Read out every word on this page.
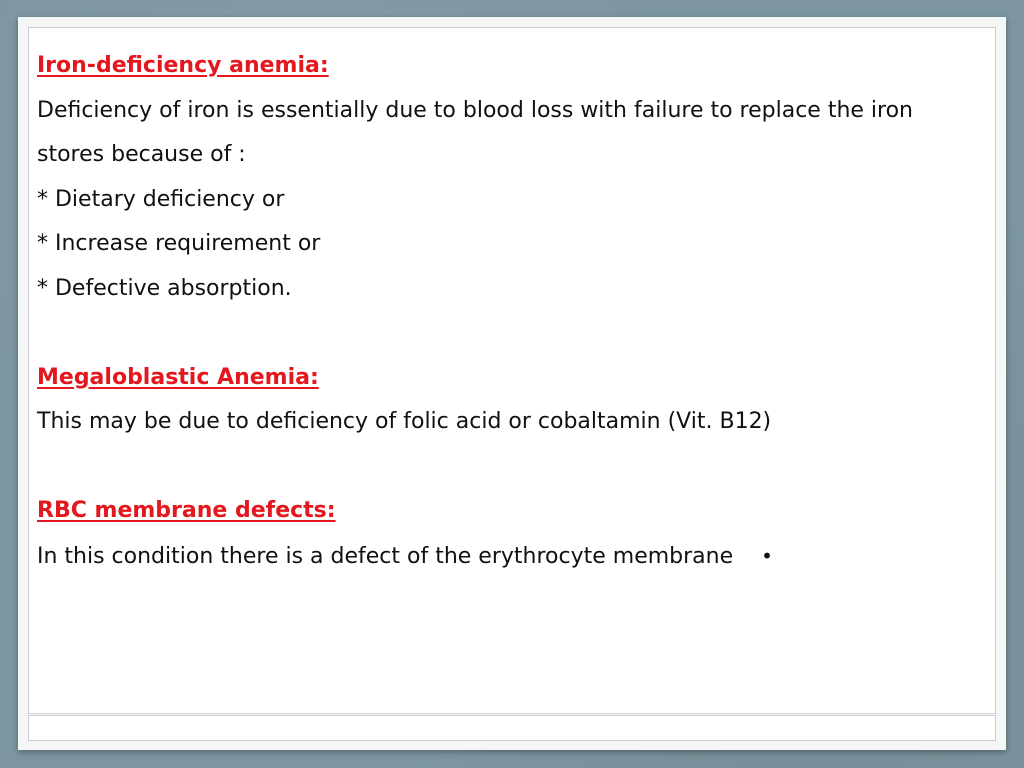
Iron-deficiency anemia:
Deficiency of iron is essentially due to blood loss with failure to replace the iron
stores because of :
* Dietary deficiency or
* Increase requirement or
* Defective absorption.
Megaloblastic Anemia:
This may be due to deficiency of folic acid or cobaltamin (Vit. B12)
RBC membrane defects:
In this condition there is a defect of the erythrocyte membrane •
